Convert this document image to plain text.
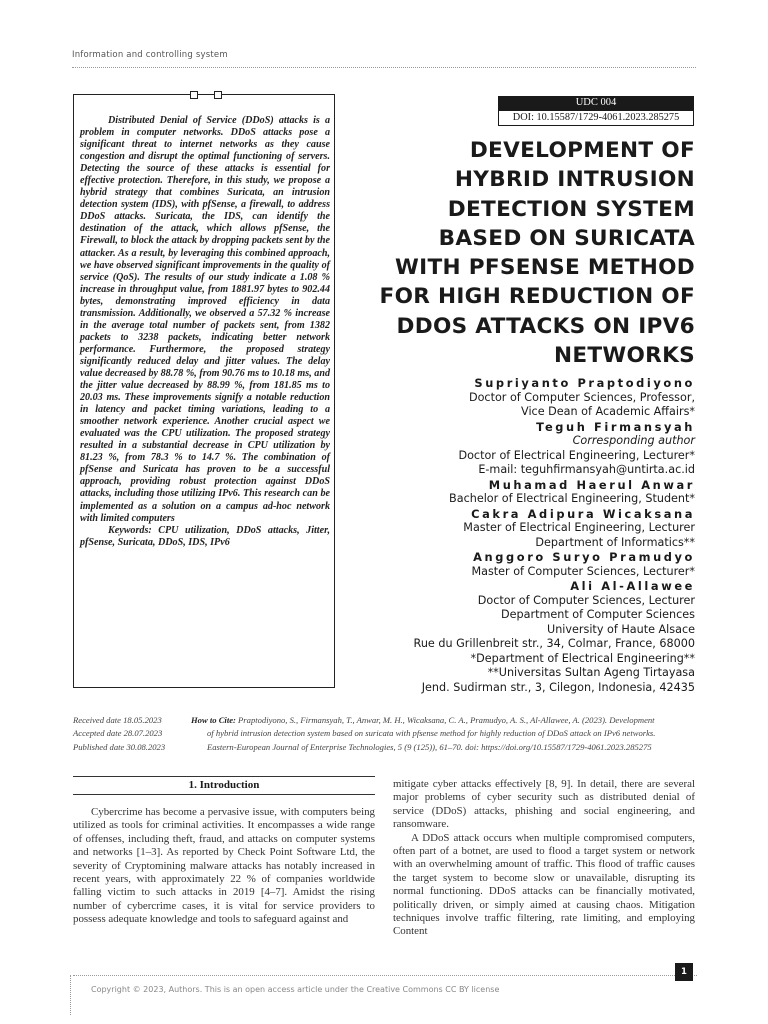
Information and controlling system

Distributed Denial of Service (DDoS) attacks is a problem in computer networks. DDoS attacks pose a significant threat to internet networks as they cause congestion and disrupt the optimal functioning of servers. Detecting the source of these attacks is essential for effective protection. Therefore, in this study, we propose a hybrid strategy that combines Suricata, an intrusion detection system (IDS), with pfSense, a firewall, to address DDoS attacks. Suricata, the IDS, can identify the destination of the attack, which allows pfSense, the Firewall, to block the attack by dropping packets sent by the attacker. As a result, by leveraging this combined approach, we have observed significant improvements in the quality of service (QoS). The results of our study indicate a 1.08 % increase in throughput value, from 1881.97 bytes to 902.44 bytes, demonstrating improved efficiency in data transmission. Additionally, we observed a 57.32 % increase in the average total number of packets sent, from 1382 packets to 3238 packets, indicating better network performance. Furthermore, the proposed strategy significantly reduced delay and jitter values. The delay value decreased by 88.78 %, from 90.76 ms to 10.18 ms, and the jitter value decreased by 88.99 %, from 181.85 ms to 20.03 ms. These improvements signify a notable reduction in latency and packet timing variations, leading to a smoother network experience. Another crucial aspect we evaluated was the CPU utilization. The proposed strategy resulted in a substantial decrease in CPU utilization by 81.23 %, from 78.3 % to 14.7 %. The combination of pfSense and Suricata has proven to be a successful approach, providing robust protection against DDoS attacks, including those utilizing IPv6. This research can be implemented as a solution on a campus ad-hoc network with limited computers

Keywords: CPU utilization, DDoS attacks, Jitter, pfSense, Suricata, DDoS, IDS, IPv6

UDC 004
DOI: 10.15587/1729-4061.2023.285275
DEVELOPMENT OF
HYBRID INTRUSION
DETECTION SYSTEM
BASED ON SURICATA
WITH PFSENSE METHOD
FOR HIGH REDUCTION OF
DDOS ATTACKS ON IPV6
NETWORKS
Supriyanto Praptodiyono
Doctor of Computer Sciences, Professor,
Vice Dean of Academic Affairs*
Teguh Firmansyah
Corresponding author
Doctor of Electrical Engineering, Lecturer*
E-mail: teguhfirmansyah@untirta.ac.id
Muhamad Haerul Anwar
Bachelor of Electrical Engineering, Student*
Cakra Adipura Wicaksana
Master of Electrical Engineering, Lecturer
Department of Informatics**
Anggoro Suryo Pramudyo
Master of Computer Sciences, Lecturer*
Ali Al-Allawee
Doctor of Computer Sciences, Lecturer
Department of Computer Sciences
University of Haute Alsace
Rue du Grillenbreit str., 34, Colmar, France, 68000
*Department of Electrical Engineering**
**Universitas Sultan Ageng Tirtayasa
Jend. Sudirman str., 3, Cilegon, Indonesia, 42435
Received date 18.05.2023
Accepted date 28.07.2023
Published date 30.08.2023
How to Cite: Praptodiyono, S., Firmansyah, T., Anwar, M. H., Wicaksana, C. A., Pramudyo, A. S., Al-Allawee, A. (2023). Development
of hybrid intrusion detection system based on suricata with pfsense method for highly reduction of DDoS attack on IPv6 networks.
Eastern-European Journal of Enterprise Technologies, 5 (9 (125)), 61–70. doi: https://doi.org/10.15587/1729-4061.2023.285275
1. Introduction

Cybercrime has become a pervasive issue, with computers being utilized as tools for criminal activities. It encompasses a wide range of offenses, including theft, fraud, and attacks on computer systems and networks [1–3]. As reported by Check Point Software Ltd, the severity of Cryptomining malware attacks has notably increased in recent years, with approximately 22 % of companies worldwide falling victim to such attacks in 2019 [4–7]. Amidst the rising number of cybercrime cases, it is vital for service providers to possess adequate knowledge and tools to safeguard against and

mitigate cyber attacks effectively [8, 9]. In detail, there are several major problems of cyber security such as distributed denial of service (DDoS) attacks, phishing and social engineering, and ransomware.

A DDoS attack occurs when multiple compromised computers, often part of a botnet, are used to flood a target system or network with an overwhelming amount of traffic. This flood of traffic causes the target system to become slow or unavailable, disrupting its normal functioning. DDoS attacks can be financially motivated, politically driven, or simply aimed at causing chaos. Mitigation techniques involve traffic filtering, rate limiting, and employing Content

1
Copyright © 2023, Authors. This is an open access article under the Creative Commons CC BY license
